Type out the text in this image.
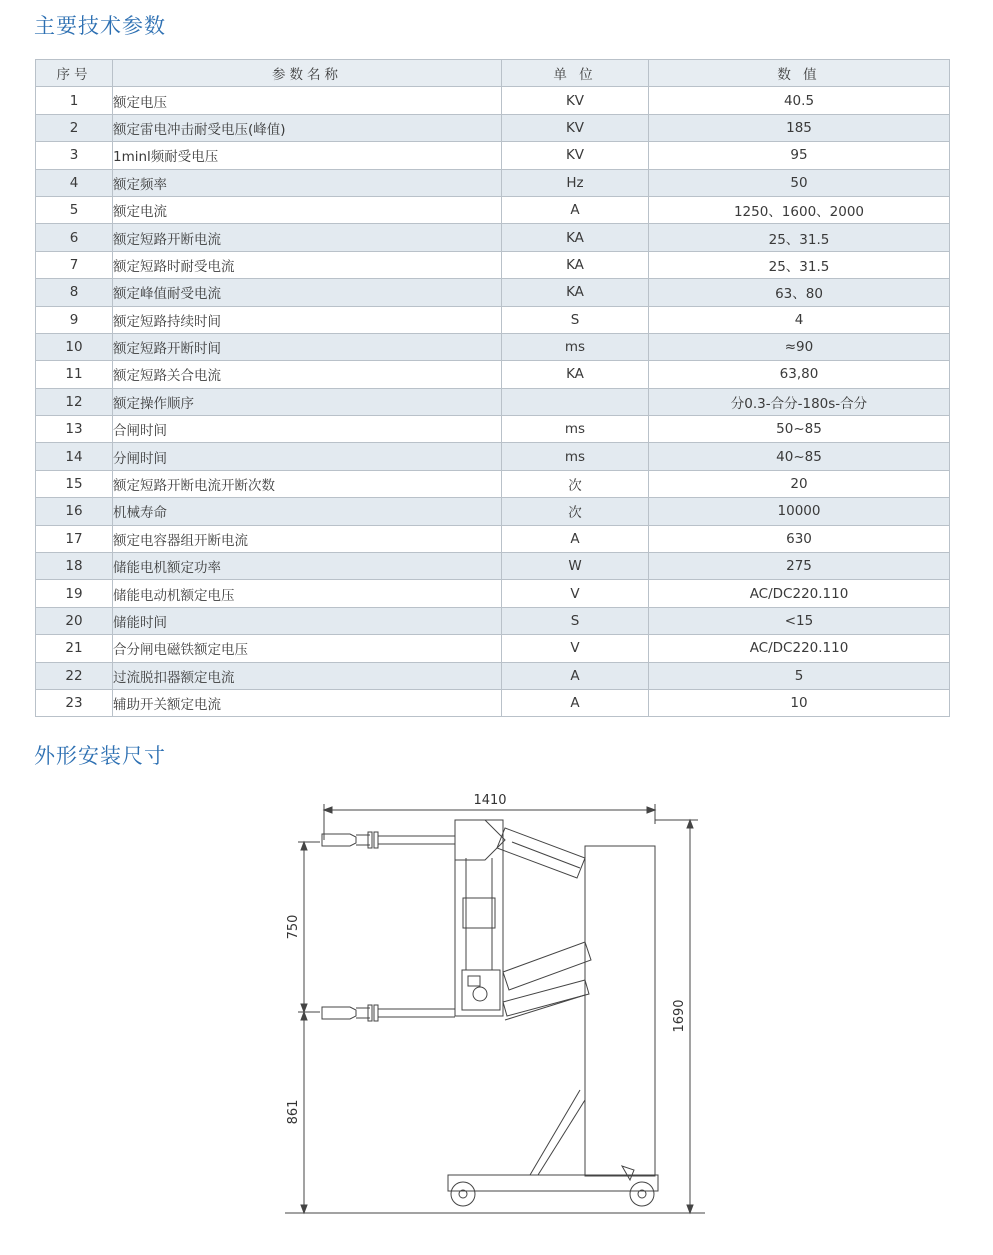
主要技术参数
序号	参数名称	单 位	数 值
1	额定电压	KV	40.5
2	额定雷电冲击耐受电压(峰值)	KV	185
3	1minl频耐受电压	KV	95
4	额定频率	Hz	50
5	额定电流	A	1250、1600、2000
6	额定短路开断电流	KA	25、31.5
7	额定短路时耐受电流	KA	25、31.5
8	额定峰值耐受电流	KA	63、80
9	额定短路持续时间	S	4
10	额定短路开断时间	ms	≈90
11	额定短路关合电流	KA	63,80
12	额定操作顺序		分0.3-合分-180s-合分
13	合闸时间	ms	50~85
14	分闸时间	ms	40~85
15	额定短路开断电流开断次数	次	20
16	机械寿命	次	10000
17	额定电容器组开断电流	A	630
18	储能电机额定功率	W	275
19	储能电动机额定电压	V	AC/DC220.110
20	储能时间	S	<15
21	合分闸电磁铁额定电压	V	AC/DC220.110
22	过流脱扣器额定电流	A	5
23	辅助开关额定电流	A	10
外形安装尺寸
1410
750
861
1690
